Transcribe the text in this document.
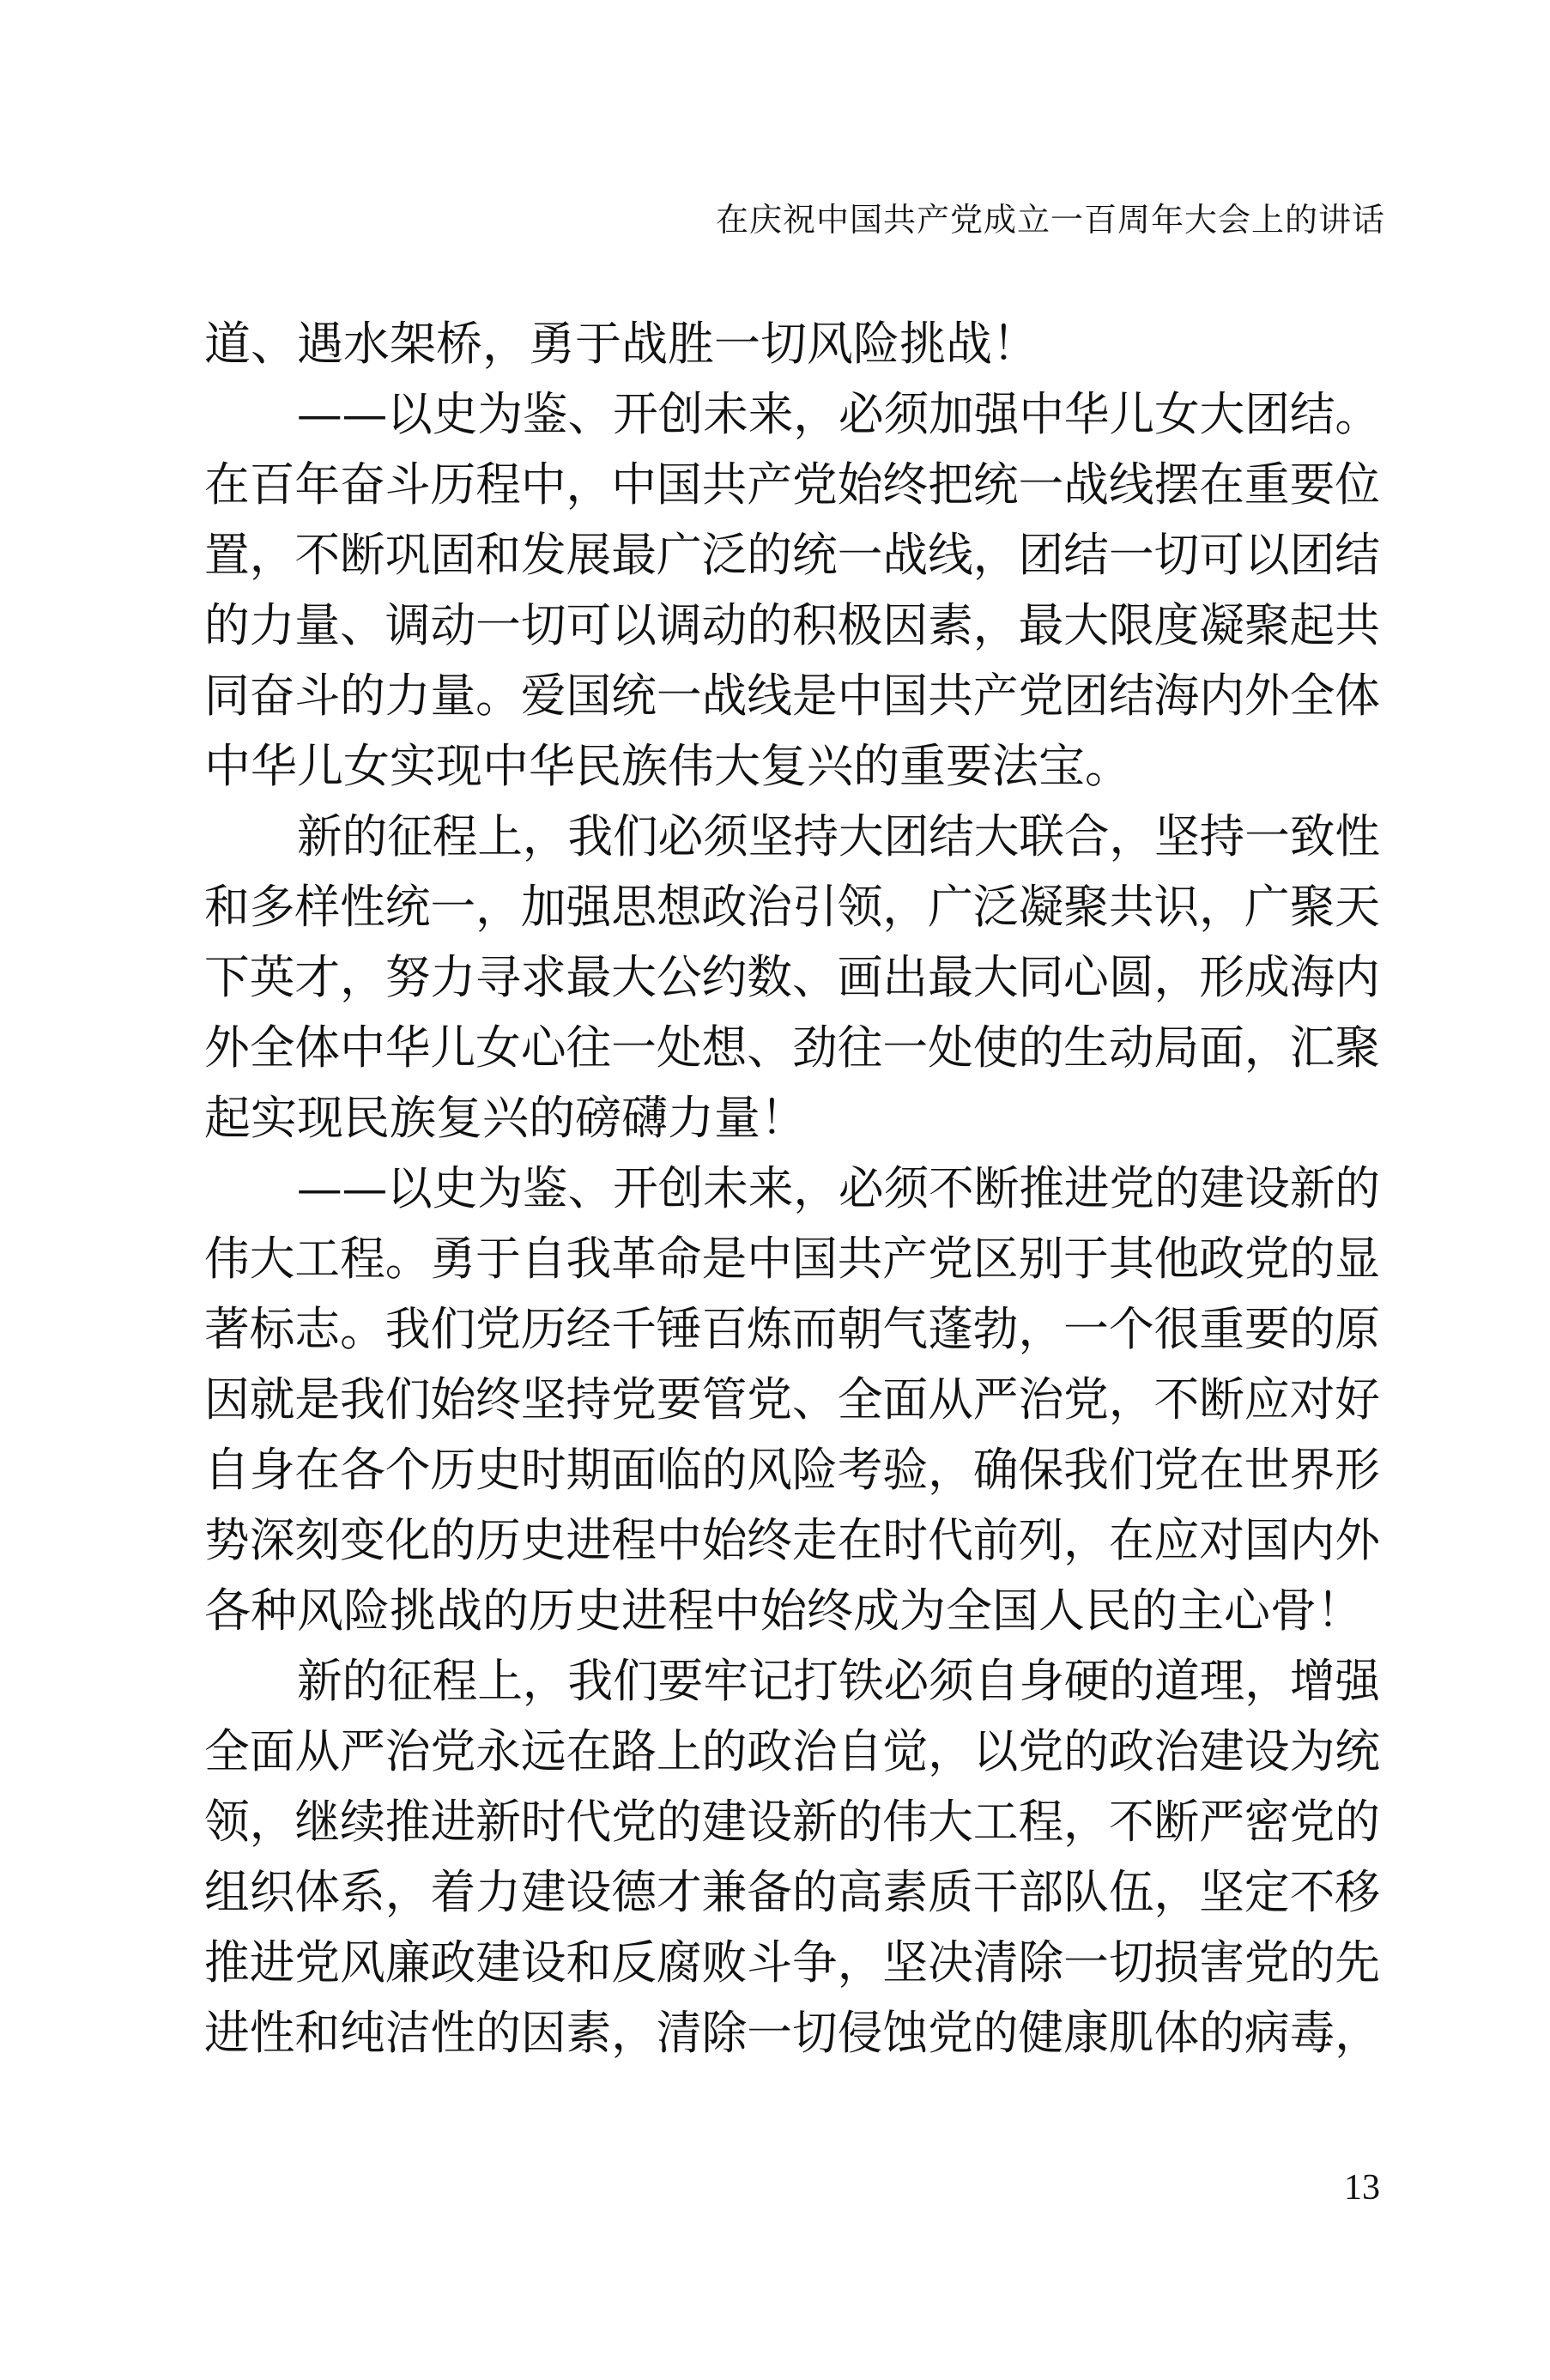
在庆祝中国共产党成立一百周年大会上的讲话
道、遇水架桥，勇于战胜一切风险挑战！
——以史为鉴、开创未来，必须加强中华儿女大团结。
在百年奋斗历程中，中国共产党始终把统一战线摆在重要位
置，不断巩固和发展最广泛的统一战线，团结一切可以团结
的力量、调动一切可以调动的积极因素，最大限度凝聚起共
同奋斗的力量。爱国统一战线是中国共产党团结海内外全体
中华儿女实现中华民族伟大复兴的重要法宝。
新的征程上，我们必须坚持大团结大联合，坚持一致性
和多样性统一，加强思想政治引领，广泛凝聚共识，广聚天
下英才，努力寻求最大公约数、画出最大同心圆，形成海内
外全体中华儿女心往一处想、劲往一处使的生动局面，汇聚
起实现民族复兴的磅礴力量！
——以史为鉴、开创未来，必须不断推进党的建设新的
伟大工程。勇于自我革命是中国共产党区别于其他政党的显
著标志。我们党历经千锤百炼而朝气蓬勃，一个很重要的原
因就是我们始终坚持党要管党、全面从严治党，不断应对好
自身在各个历史时期面临的风险考验，确保我们党在世界形
势深刻变化的历史进程中始终走在时代前列，在应对国内外
各种风险挑战的历史进程中始终成为全国人民的主心骨！
新的征程上，我们要牢记打铁必须自身硬的道理，增强
全面从严治党永远在路上的政治自觉，以党的政治建设为统
领，继续推进新时代党的建设新的伟大工程，不断严密党的
组织体系，着力建设德才兼备的高素质干部队伍，坚定不移
推进党风廉政建设和反腐败斗争，坚决清除一切损害党的先
进性和纯洁性的因素，清除一切侵蚀党的健康肌体的病毒，
13
